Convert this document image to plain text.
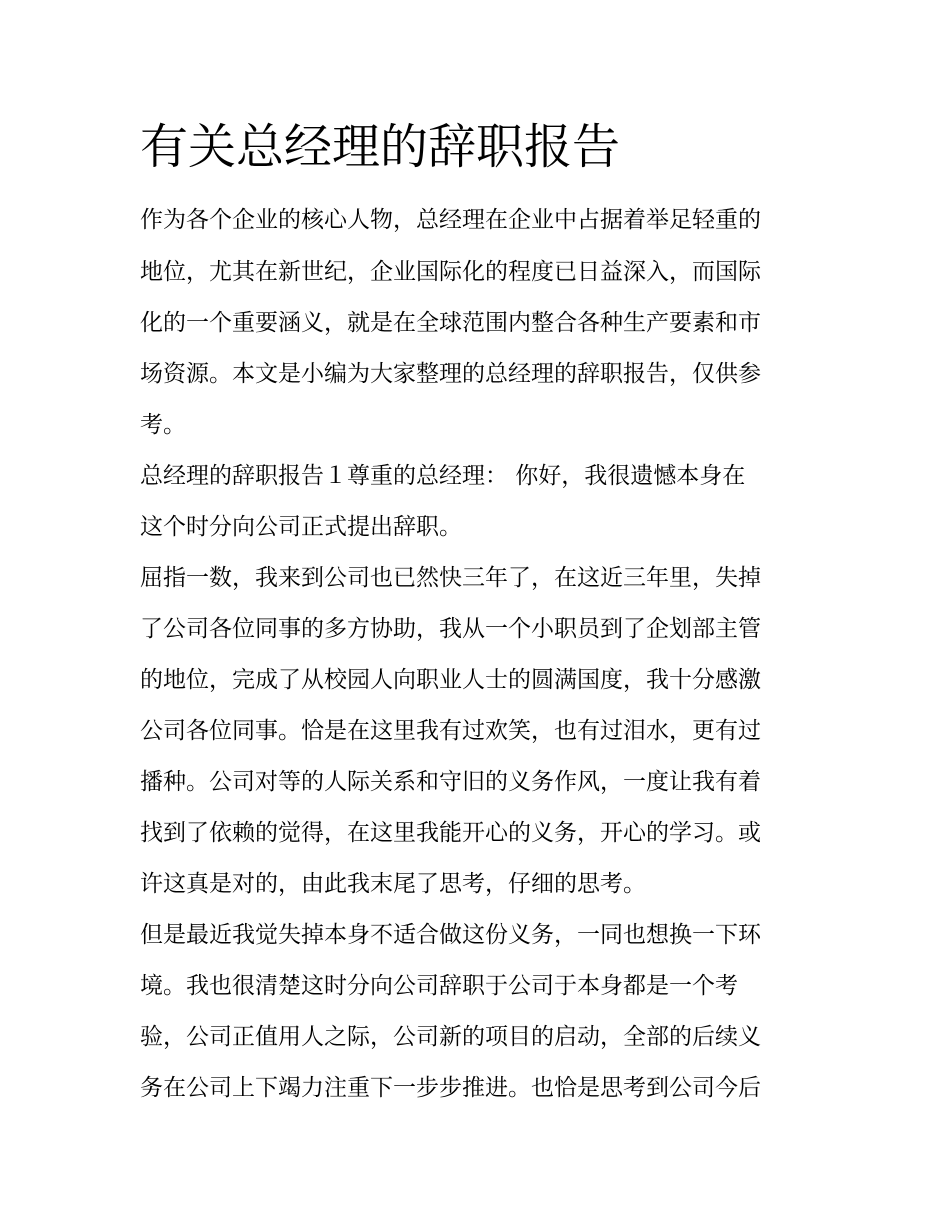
有关总经理的辞职报告

作为各个企业的核心人物，总经理在企业中占据着举足轻重的

地位，尤其在新世纪，企业国际化的程度已日益深入，而国际

化的一个重要涵义，就是在全球范围内整合各种生产要素和市

场资源。本文是小编为大家整理的总经理的辞职报告，仅供参

考。

总经理的辞职报告１尊重的总经理： 你好，我很遗憾本身在

这个时分向公司正式提出辞职。

屈指一数，我来到公司也已然快三年了，在这近三年里，失掉

了公司各位同事的多方协助，我从一个小职员到了企划部主管

的地位，完成了从校园人向职业人士的圆满国度，我十分感激

公司各位同事。恰是在这里我有过欢笑，也有过泪水，更有过

播种。公司对等的人际关系和守旧的义务作风，一度让我有着

找到了依赖的觉得，在这里我能开心的义务，开心的学习。或

许这真是对的，由此我末尾了思考，仔细的思考。

但是最近我觉失掉本身不适合做这份义务，一同也想换一下环

境。我也很清楚这时分向公司辞职于公司于本身都是一个考

验，公司正值用人之际，公司新的项目的启动，全部的后续义

务在公司上下竭力注重下一步步推进。也恰是思考到公司今后
